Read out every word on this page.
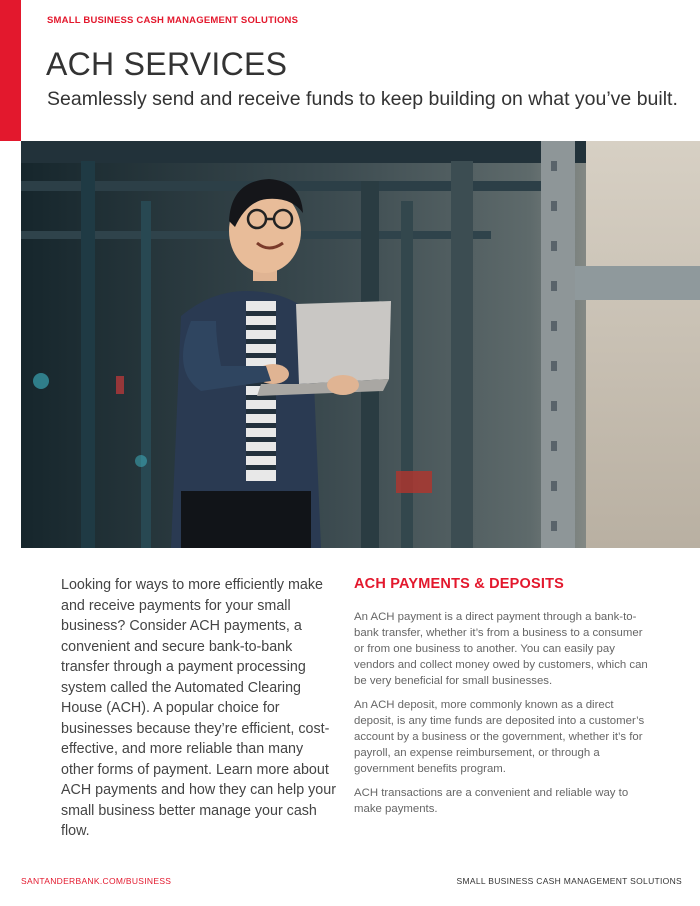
SMALL BUSINESS CASH MANAGEMENT SOLUTIONS
ACH SERVICES
Seamlessly send and receive funds to keep building on what you’ve built.
Looking for ways to more efficiently make and receive payments for your small business? Consider ACH payments, a convenient and secure bank-to-bank transfer through a payment processing system called the Automated Clearing House (ACH). A popular choice for businesses because they’re efficient, cost-effective, and more reliable than many other forms of payment. Learn more about ACH payments and how they can help your small business better manage your cash flow.
ACH PAYMENTS & DEPOSITS

An ACH payment is a direct payment through a bank-to-bank transfer, whether it’s from a business to a consumer or from one business to another. You can easily pay vendors and collect money owed by customers, which can be very beneficial for small businesses.

An ACH deposit, more commonly known as a direct deposit, is any time funds are deposited into a customer’s account by a business or the government, whether it’s for payroll, an expense reimbursement, or through a government benefits program.

ACH transactions are a convenient and reliable way to make payments.

SANTANDERBANK.COM/BUSINESS	SMALL BUSINESS CASH MANAGEMENT SOLUTIONS
